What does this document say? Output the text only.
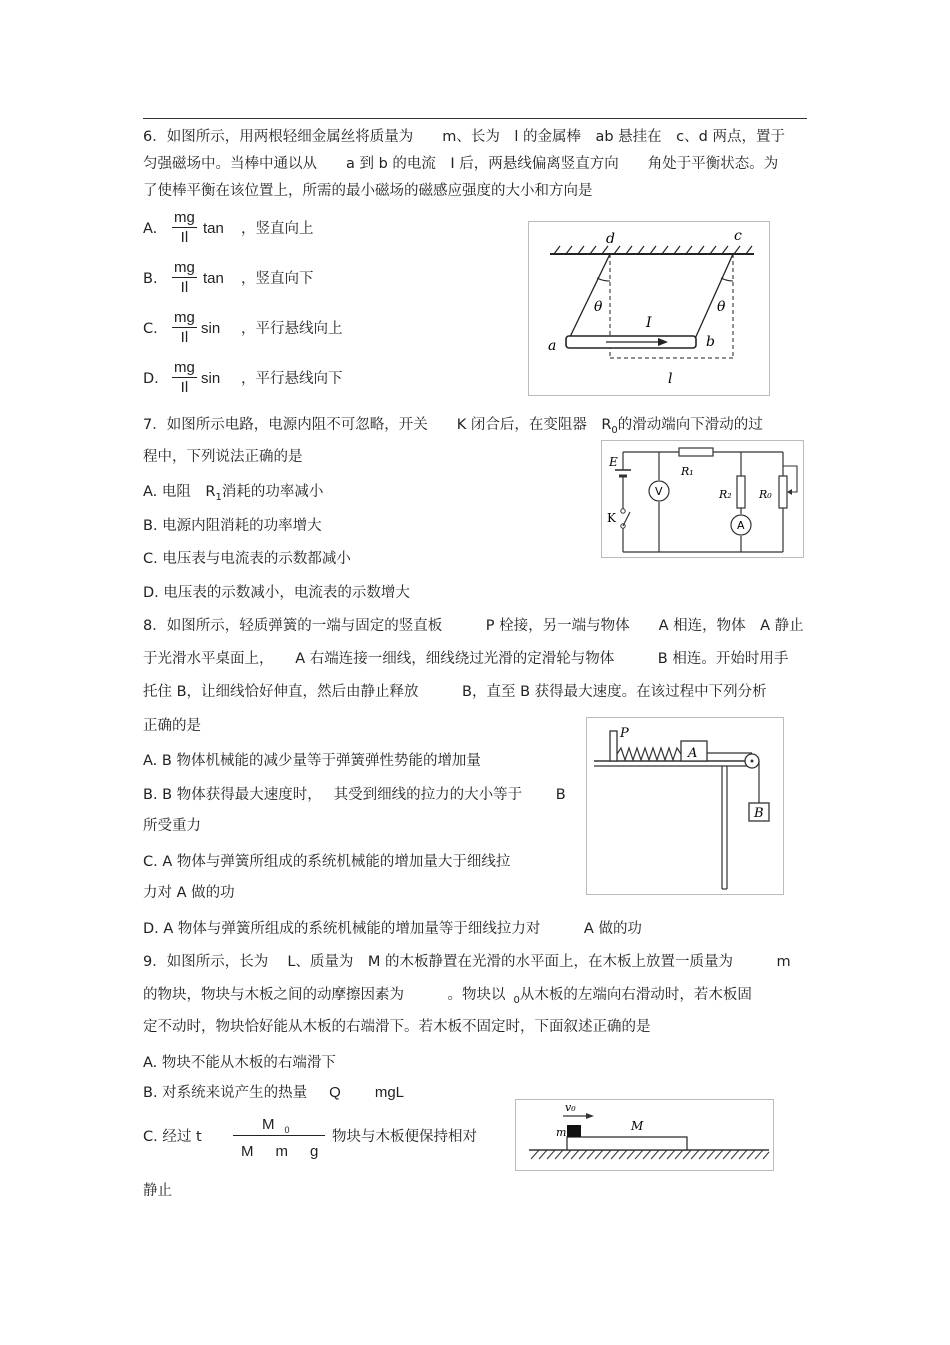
6．如图所示，用两根轻细金属丝将质量为　　m、长为　l 的金属棒　ab 悬挂在　c、d 两点，置于
匀强磁场中。当棒中通以从　　a 到 b 的电流　I 后，两悬线偏离竖直方向　　角处于平衡状态。为
了使棒平衡在该位置上，所需的最小磁场的磁感应强度的大小和方向是
A.
mg
Il
tan ，竖直向上
B.
mg
Il
tan ，竖直向下
C.
mg
Il
sin ，平行悬线向上
D.
mg
Il
sin ，平行悬线向下
d	c
a	b
θ	θ
I
l
7．如图所示电路，电源内阻不可忽略，开关　　K 闭合后，在变阻器　$R_0$的滑动端向下滑动的过
程中，下列说法正确的是
A. 电阻　$R_1$消耗的功率减小
B. 电源内阻消耗的功率增大
C. 电压表与电流表的示数都减小
D. 电压表的示数减小，电流表的示数增大
E
K
V
A
R₁
R₂ R₀
8．如图所示，轻质弹簧的一端与固定的竖直板　　　P 栓接，另一端与物体　　A 相连，物体　A 静止
于光滑水平桌面上，　　A 右端连接一细线，细线绕过光滑的定滑轮与物体　　　B 相连。开始时用手
托住 B，让细线恰好伸直，然后由静止释放　　　B，直至 B 获得最大速度。在该过程中下列分析
正确的是
A. B 物体机械能的减少量等于弹簧弹性势能的增加量
B. B 物体获得最大速度时，　 其受到细线的拉力的大小等于　　 B
所受重力
C. A 物体与弹簧所组成的系统机械能的增加量大于细线拉
力对 A 做的功
D. A 物体与弹簧所组成的系统机械能的增加量等于细线拉力对　　　A 做的功
P
A
B
9．如图所示，长为　 L、质量为　M 的木板静置在光滑的水平面上，在木板上放置一质量为　　　m
的物块，物块与木板之间的动摩擦因素为　　　。物块以 $_0$从木板的左端向右滑动时，若木板固
定不动时，物块恰好能从木板的右端滑下。若木板不固定时，下面叙述正确的是
A. 物块不能从木板的右端滑下
B. 对系统来说产生的热量 Q mgL
C. 经过 t
M $_0$
M m g
物块与木板便保持相对
静止
v₀
m	M
